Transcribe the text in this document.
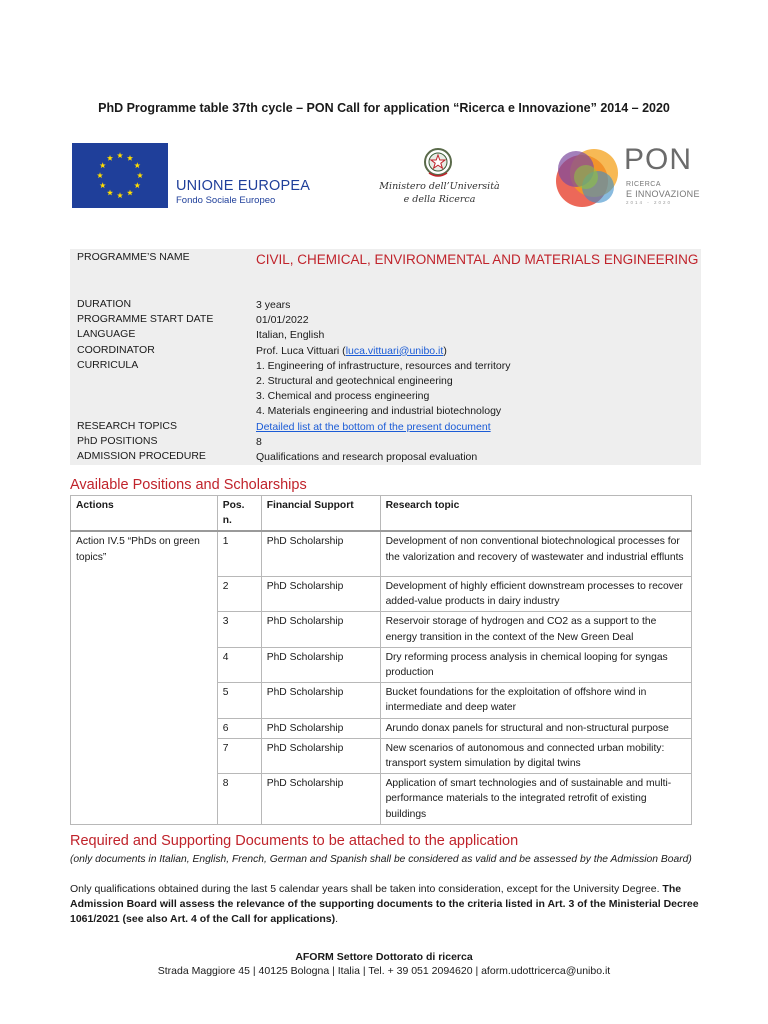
PhD Programme table 37th cycle – PON Call for application “Ricerca e Innovazione” 2014 – 2020
UNIONE EUROPEA
Fondo Sociale Europeo
Ministero dell’Università
e della Ricerca
PON
RICERCA
E INNOVAZIONE
2014 - 2020
PROGRAMME’S NAME	CIVIL, CHEMICAL, ENVIRONMENTAL AND MATERIALS ENGINEERING
DURATION	3 years
PROGRAMME START DATE	01/01/2022
LANGUAGE	Italian, English
COORDINATOR	Prof. Luca Vittuari (luca.vittuari@unibo.it)
CURRICULA	1. Engineering of infrastructure, resources and territory
2. Structural and geotechnical engineering
3. Chemical and process engineering
4. Materials engineering and industrial biotechnology
RESEARCH TOPICS	Detailed list at the bottom of the present document
PhD POSITIONS	8
ADMISSION PROCEDURE	Qualifications and research proposal evaluation
Available Positions and Scholarships
Actions	Pos. n.	Financial Support	Research topic
Action IV.5 “PhDs on green topics”	1	PhD Scholarship	Development of non conventional biotechnological processes for the valorization and recovery of wastewater and industrial efflunts
	2	PhD Scholarship	Development of highly efficient downstream processes to recover added-value products in dairy industry
	3	PhD Scholarship	Reservoir storage of hydrogen and CO2 as a support to the energy transition in the context of the New Green Deal
	4	PhD Scholarship	Dry reforming process analysis in chemical looping for syngas production
	5	PhD Scholarship	Bucket foundations for the exploitation of offshore wind in intermediate and deep water
	6	PhD Scholarship	Arundo donax panels for structural and non-structural purpose
	7	PhD Scholarship	New scenarios of autonomous and connected urban mobility: transport system simulation by digital twins
	8	PhD Scholarship	Application of smart technologies and of sustainable and multi-performance materials to the integrated retrofit of existing buildings
Required and Supporting Documents to be attached to the application
(only documents in Italian, English, French, German and Spanish shall be considered as valid and be assessed by the Admission Board)
Only qualifications obtained during the last 5 calendar years shall be taken into consideration, except for the University Degree. The Admission Board will assess the relevance of the supporting documents to the criteria listed in Art. 3 of the Ministerial Decree 1061/2021 (see also Art. 4 of the Call for applications).
AFORM Settore Dottorato di ricerca
Strada Maggiore 45 | 40125 Bologna | Italia | Tel. + 39 051 2094620 | aform.udottricerca@unibo.it
